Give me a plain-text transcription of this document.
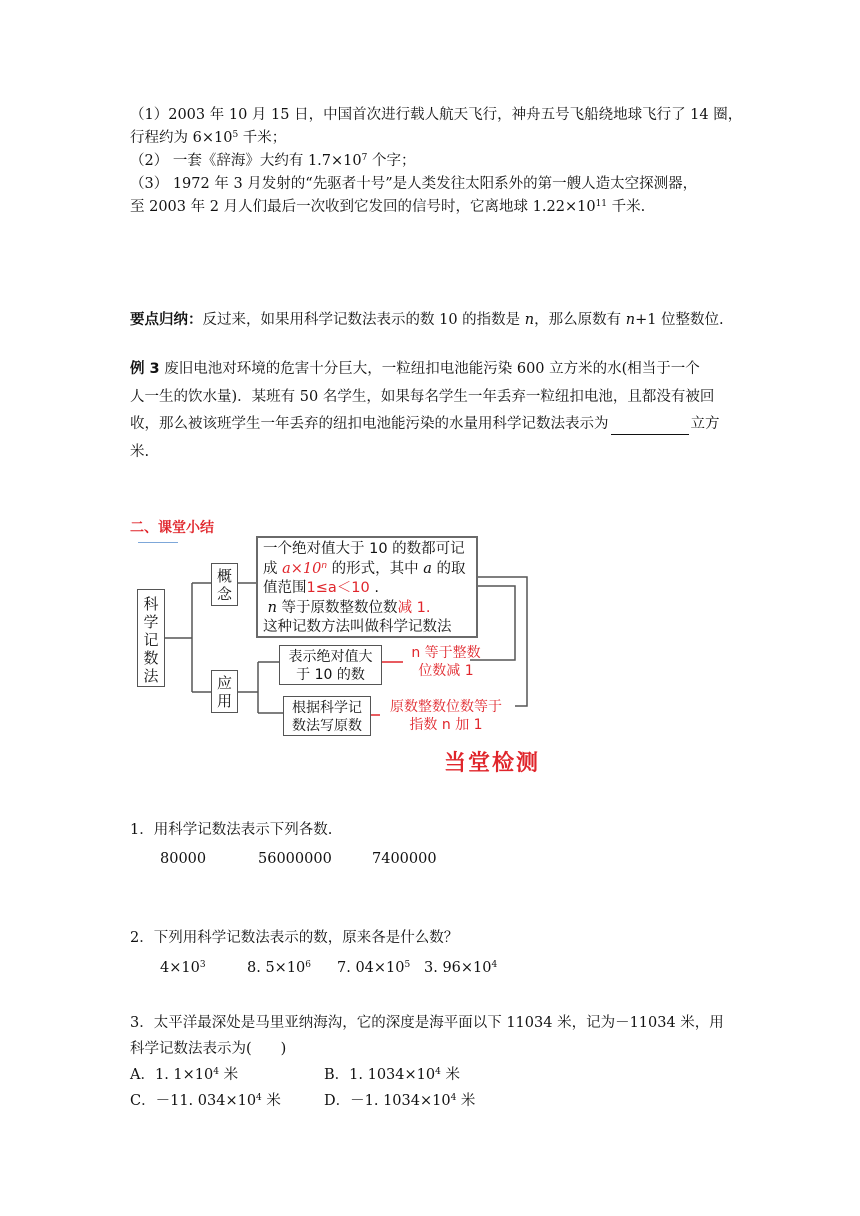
（1）2003 年 10 月 15 日，中国首次进行载人航天飞行，神舟五号飞船绕地球飞行了 14 圈，
行程约为 $6\times 10^5$ 千米；
（2） 一套《辞海》大约有 $1.7\times 10^7$ 个字；
（3） 1972 年 3 月发射的“先驱者十号”是人类发往太阳系外的第一艘人造太空探测器，
至 2003 年 2 月人们最后一次收到它发回的信号时，它离地球 $1.22\times 10^{11}$ 千米.
要点归纳：反过来，如果用科学记数法表示的数 10 的指数是 n，那么原数有 n+1 位整数位.
例 3 废旧电池对环境的危害十分巨大，一粒纽扣电池能污染 600 立方米的水(相当于一个
人一生的饮水量)．某班有 50 名学生，如果每名学生一年丢弃一粒纽扣电池，且都没有被回
收，那么被该班学生一年丢弃的纽扣电池能污染的水量用科学记数法表示为	立方
米.
二、课堂小结
科
学
记
数
法
概
念
应
用
一个绝对值大于 10 的数都可记
成 $a\times 10^n$ 的形式，其中 a 的取
值范围1≤a＜10 .
n 等于原数整数位数减 1.
这种记数方法叫做科学记数法
表示绝对值大
于 10 的数
n 等于整数
位数减 1
根据科学记
数法写原数
原数整数位数等于
指数 n 加 1
当堂检测
1．用科学记数法表示下列各数.
80000	56000000	7400000
2．下列用科学记数法表示的数，原来各是什么数？
$4\times 10^3$	8. $5\times 10^6$ 7. $04\times 10^5$ 3. $96\times 10^4$
3．太平洋最深处是马里亚纳海沟，它的深度是海平面以下 11034 米，记为－11034 米，用
科学记数法表示为(　　)
A．1. $1\times 10^4$ 米	B．1. $1034\times 10^4$ 米
C．－11. $034\times 10^4$ 米	D．－1. $1034\times 10^4$ 米
